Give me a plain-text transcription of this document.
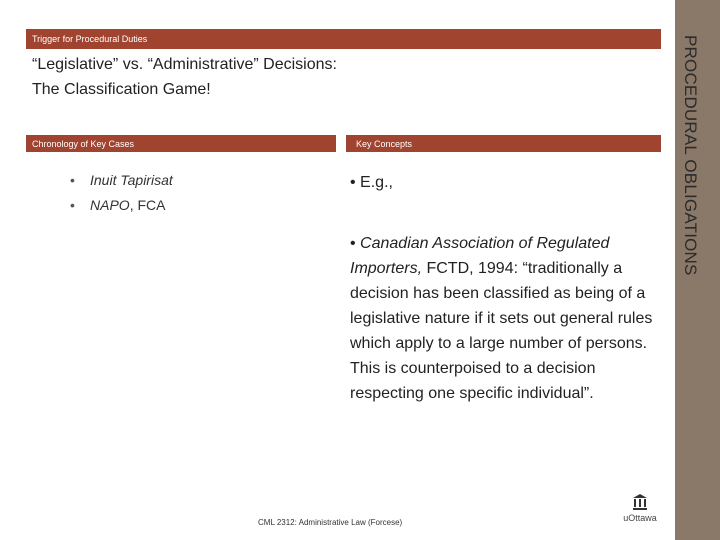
Trigger for Procedural Duties
“Legislative” vs. “Administrative” Decisions:
The Classification Game!
Chronology of Key Cases	Key Concepts
• Inuit Tapirisat
• NAPO, FCA
• E.g.,
• Canadian Association of Regulated Importers, FCTD, 1994: “traditionally a decision has been classified as being of a legislative nature if it sets out general rules which apply to a large number of persons. This is counterpoised to a decision respecting one specific individual”.
PROCEDURAL OBLIGATIONS
CML 2312: Administrative Law (Forcese)	uOttawa
